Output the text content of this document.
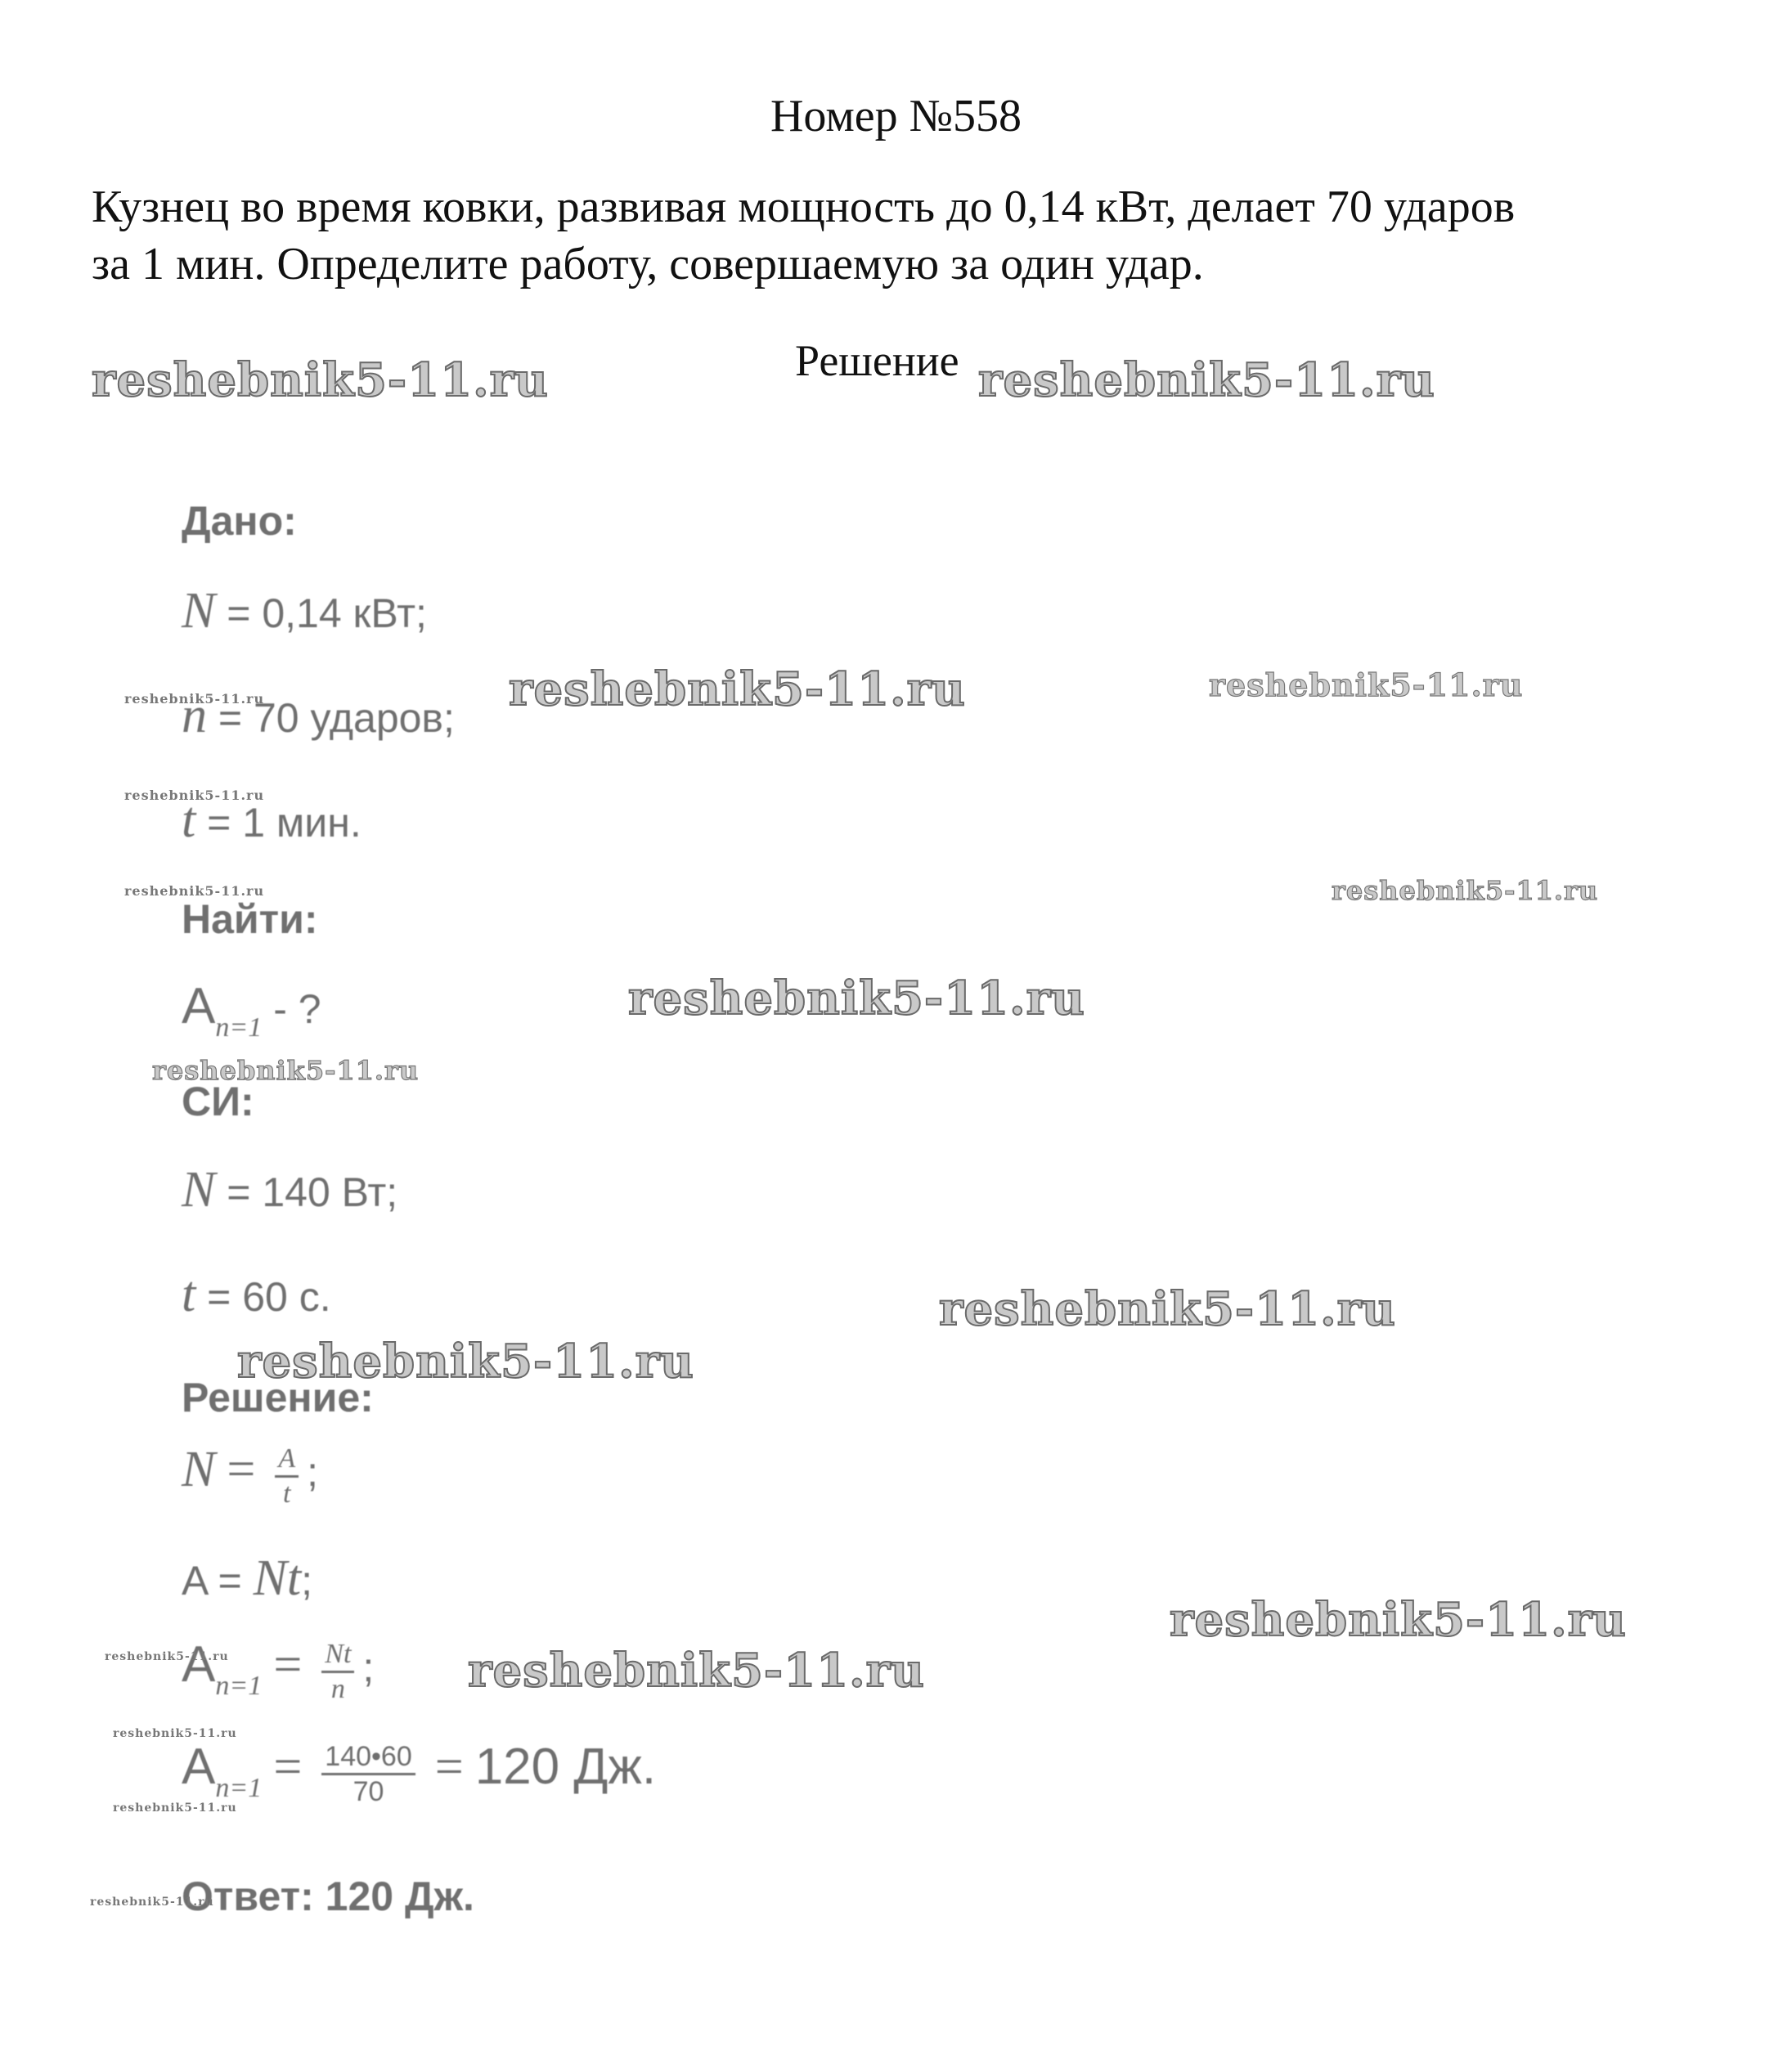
Номер №558
Кузнец во время ковки, развивая мощность до 0,14 кВт, делает 70 ударов
за 1 мин. Определите работу, совершаемую за один удар.
Решение
Дано:
N = 0,14 кВт;
n = 70 ударов;
t = 1 мин.
Найти:
$A_{n=1}$ - ?
СИ:
N = 140 Вт;
t = 60 с.
Решение:
$N = \frac{A}{t}$ ;
A = Nt;
$A_{n=1} = \frac{Nt}{n}$ ;
$A_{n=1} = \frac{140•60}{70} = 120$ Дж.
Ответ: 120 Дж.
reshebnik5-11.ru	reshebnik5-11.ru
reshebnik5-11.ru	reshebnik5-11.ru
reshebnik5-11.ru
reshebnik5-11.ru
reshebnik5-11.ru	reshebnik5-11.ru
reshebnik5-11.ru
reshebnik5-11.ru
reshebnik5-11.ru
reshebnik5-11.ru
reshebnik5-11.ru
reshebnik5-11.ru
reshebnik5-11.ru
reshebnik5-11.ru
reshebnik5-11.ru
reshebnik5-11.ru
